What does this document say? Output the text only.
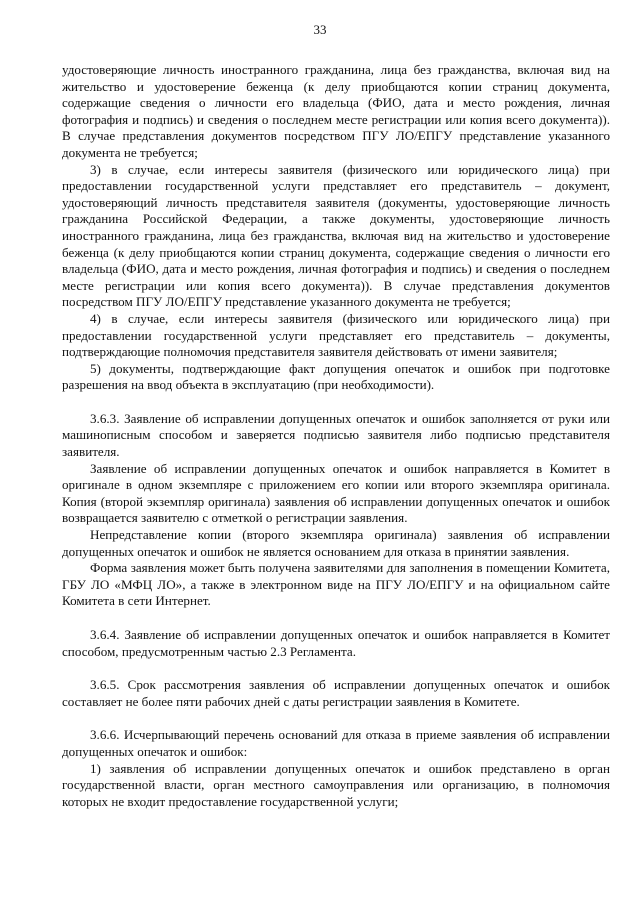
33

удостоверяющие личность иностранного гражданина, лица без гражданства, включая вид на жительство и удостоверение беженца (к делу приобщаются копии страниц документа, содержащие сведения о личности его владельца (ФИО, дата и место рождения, личная фотография и подпись) и сведения о последнем месте регистрации или копия всего документа)). В случае представления документов посредством ПГУ ЛО/ЕПГУ представление указанного документа не требуется;

3) в случае, если интересы заявителя (физического или юридического лица) при предоставлении государственной услуги представляет его представитель – документ, удостоверяющий личность представителя заявителя (документы, удостоверяющие личность гражданина Российской Федерации, а также документы, удостоверяющие личность иностранного гражданина, лица без гражданства, включая вид на жительство и удостоверение беженца (к делу приобщаются копии страниц документа, содержащие сведения о личности его владельца (ФИО, дата и место рождения, личная фотография и подпись) и сведения о последнем месте регистрации или копия всего документа)). В случае представления документов посредством ПГУ ЛО/ЕПГУ представление указанного документа не требуется;

4) в случае, если интересы заявителя (физического или юридического лица) при предоставлении государственной услуги представляет его представитель – документы, подтверждающие полномочия представителя заявителя действовать от имени заявителя;

5) документы, подтверждающие факт допущения опечаток и ошибок при подготовке разрешения на ввод объекта в эксплуатацию (при необходимости).

3.6.3. Заявление об исправлении допущенных опечаток и ошибок заполняется от руки или машинописным способом и заверяется подписью заявителя либо подписью представителя заявителя.

Заявление об исправлении допущенных опечаток и ошибок направляется в Комитет в оригинале в одном экземпляре с приложением его копии или второго экземпляра оригинала. Копия (второй экземпляр оригинала) заявления об исправлении допущенных опечаток и ошибок возвращается заявителю с отметкой о регистрации заявления.

Непредставление копии (второго экземпляра оригинала) заявления об исправлении допущенных опечаток и ошибок не является основанием для отказа в принятии заявления.

Форма заявления может быть получена заявителями для заполнения в помещении Комитета, ГБУ ЛО «МФЦ ЛО», а также в электронном виде на ПГУ ЛО/ЕПГУ и на официальном сайте Комитета в сети Интернет.

3.6.4. Заявление об исправлении допущенных опечаток и ошибок направляется в Комитет способом, предусмотренным частью 2.3 Регламента.

3.6.5. Срок рассмотрения заявления об исправлении допущенных опечаток и ошибок составляет не более пяти рабочих дней с даты регистрации заявления в Комитете.

3.6.6. Исчерпывающий перечень оснований для отказа в приеме заявления об исправлении допущенных опечаток и ошибок:

1) заявления об исправлении допущенных опечаток и ошибок представлено в орган государственной власти, орган местного самоуправления или организацию, в полномочия которых не входит предоставление государственной услуги;
